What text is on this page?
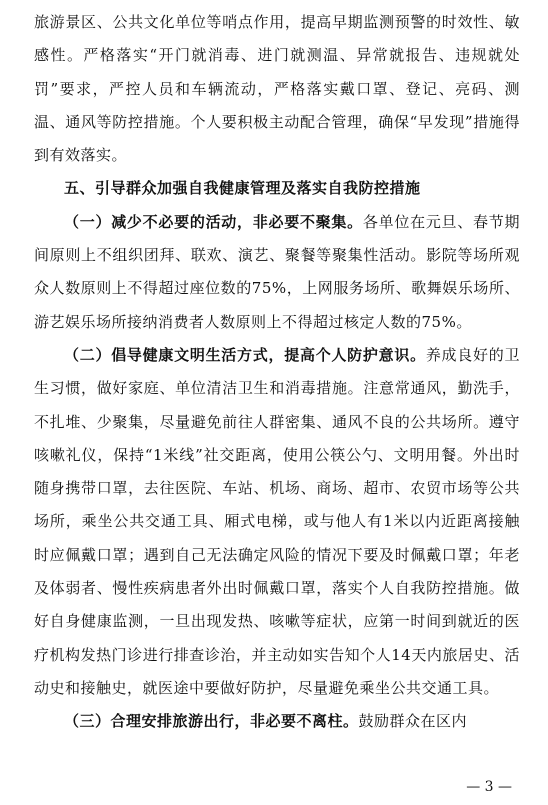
旅游景区、公共文化单位等哨点作用，提高早期监测预警的时效性、敏感性。严格落实“开门就消毒、进门就测温、异常就报告、违规就处罚”要求，严控人员和车辆流动，严格落实戴口罩、登记、亮码、测温、通风等防控措施。个人要积极主动配合管理，确保“早发现”措施得到有效落实。

五、引导群众加强自我健康管理及落实自我防控措施

（一）减少不必要的活动，非必要不聚集。各单位在元旦、春节期间原则上不组织团拜、联欢、演艺、聚餐等聚集性活动。影院等场所观众人数原则上不得超过座位数的75%，上网服务场所、歌舞娱乐场所、游艺娱乐场所接纳消费者人数原则上不得超过核定人数的75%。

（二）倡导健康文明生活方式，提高个人防护意识。养成良好的卫生习惯，做好家庭、单位清洁卫生和消毒措施。注意常通风，勤洗手，不扎堆、少聚集，尽量避免前往人群密集、通风不良的公共场所。遵守咳嗽礼仪，保持“1米线”社交距离，使用公筷公勺、文明用餐。外出时随身携带口罩，去往医院、车站、机场、商场、超市、农贸市场等公共场所，乘坐公共交通工具、厢式电梯，或与他人有1米以内近距离接触时应佩戴口罩；遇到自己无法确定风险的情况下要及时佩戴口罩；年老及体弱者、慢性疾病患者外出时佩戴口罩，落实个人自我防控措施。做好自身健康监测，一旦出现发热、咳嗽等症状，应第一时间到就近的医疗机构发热门诊进行排查诊治，并主动如实告知个人14天内旅居史、活动史和接触史，就医途中要做好防护，尽量避免乘坐公共交通工具。

（三）合理安排旅游出行，非必要不离柱。鼓励群众在区内

— 3 —
